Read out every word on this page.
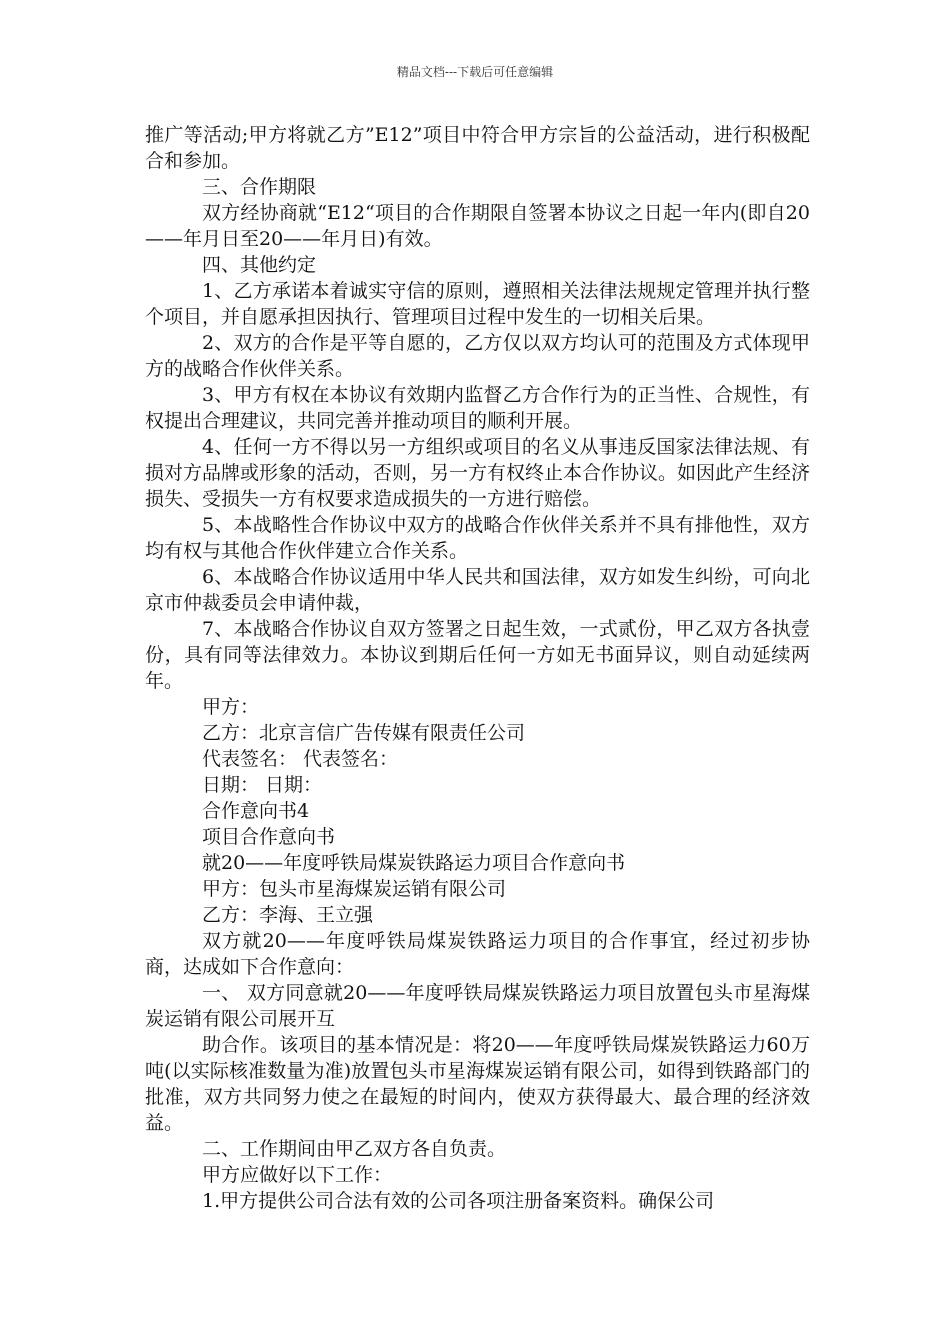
精品文档---下载后可任意编辑

推广等活动;甲方将就乙方”E12”项目中符合甲方宗旨的公益活动，进行积极配合和参加。

三、合作期限

双方经协商就“E12“项目的合作期限自签署本协议之日起一年内(即自20——年月日至20——年月日)有效。

四、其他约定

1、乙方承诺本着诚实守信的原则，遵照相关法律法规规定管理并执行整个项目，并自愿承担因执行、管理项目过程中发生的一切相关后果。

2、双方的合作是平等自愿的，乙方仅以双方均认可的范围及方式体现甲方的战略合作伙伴关系。

3、甲方有权在本协议有效期内监督乙方合作行为的正当性、合规性，有权提出合理建议，共同完善并推动项目的顺利开展。

4、任何一方不得以另一方组织或项目的名义从事违反国家法律法规、有损对方品牌或形象的活动，否则，另一方有权终止本合作协议。如因此产生经济损失、受损失一方有权要求造成损失的一方进行赔偿。

5、本战略性合作协议中双方的战略合作伙伴关系并不具有排他性，双方均有权与其他合作伙伴建立合作关系。

6、本战略合作协议适用中华人民共和国法律，双方如发生纠纷，可向北京市仲裁委员会申请仲裁，

7、本战略合作协议自双方签署之日起生效，一式贰份，甲乙双方各执壹份，具有同等法律效力。本协议到期后任何一方如无书面异议，则自动延续两年。

甲方：

乙方：北京言信广告传媒有限责任公司

代表签名： 代表签名：

日期： 日期：

合作意向书4

项目合作意向书

就20——年度呼铁局煤炭铁路运力项目合作意向书

甲方：包头市星海煤炭运销有限公司

乙方：李海、王立强

双方就20——年度呼铁局煤炭铁路运力项目的合作事宜，经过初步协商，达成如下合作意向：

一、 双方同意就20——年度呼铁局煤炭铁路运力项目放置包头市星海煤炭运销有限公司展开互

助合作。该项目的基本情况是：将20——年度呼铁局煤炭铁路运力60万吨(以实际核准数量为准)放置包头市星海煤炭运销有限公司，如得到铁路部门的批准，双方共同努力使之在最短的时间内，使双方获得最大、最合理的经济效益。

二、工作期间由甲乙双方各自负责。

甲方应做好以下工作：

1.甲方提供公司合法有效的公司各项注册备案资料。确保公司
